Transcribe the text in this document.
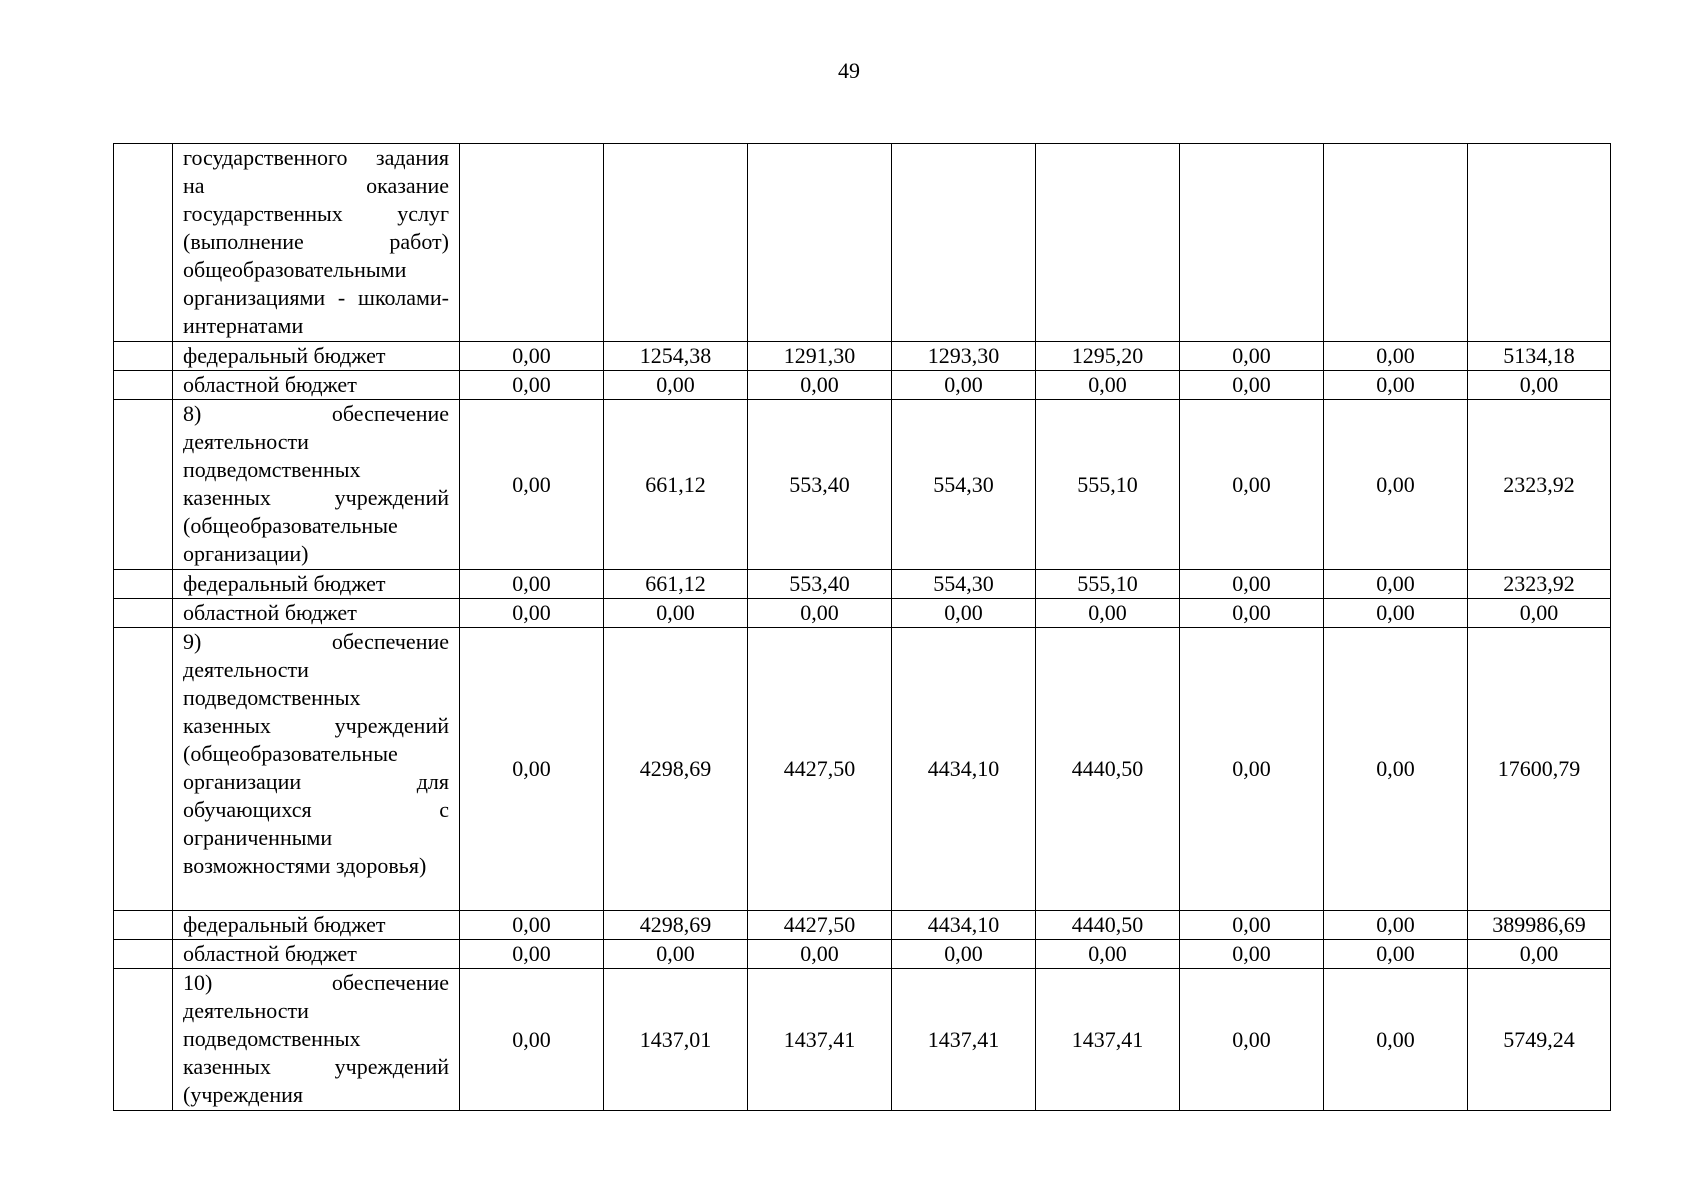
49
	государственного задания на оказание государственных услуг (выполнение работ) общеобразовательными организациями - школами-интернатами								
	федеральный бюджет	0,00	1254,38	1291,30	1293,30	1295,20	0,00	0,00	5134,18
	областной бюджет	0,00	0,00	0,00	0,00	0,00	0,00	0,00	0,00
	8) обеспечение деятельности подведомственных казенных учреждений (общеобразовательные организации)	0,00	661,12	553,40	554,30	555,10	0,00	0,00	2323,92
	федеральный бюджет	0,00	661,12	553,40	554,30	555,10	0,00	0,00	2323,92
	областной бюджет	0,00	0,00	0,00	0,00	0,00	0,00	0,00	0,00
	9) обеспечение деятельности подведомственных казенных учреждений (общеобразовательные организации для обучающихся с ограниченными возможностями здоровья)	0,00	4298,69	4427,50	4434,10	4440,50	0,00	0,00	17600,79
	федеральный бюджет	0,00	4298,69	4427,50	4434,10	4440,50	0,00	0,00	389986,69
	областной бюджет	0,00	0,00	0,00	0,00	0,00	0,00	0,00	0,00
	10) обеспечение деятельности подведомственных казенных учреждений (учреждения	0,00	1437,01	1437,41	1437,41	1437,41	0,00	0,00	5749,24
